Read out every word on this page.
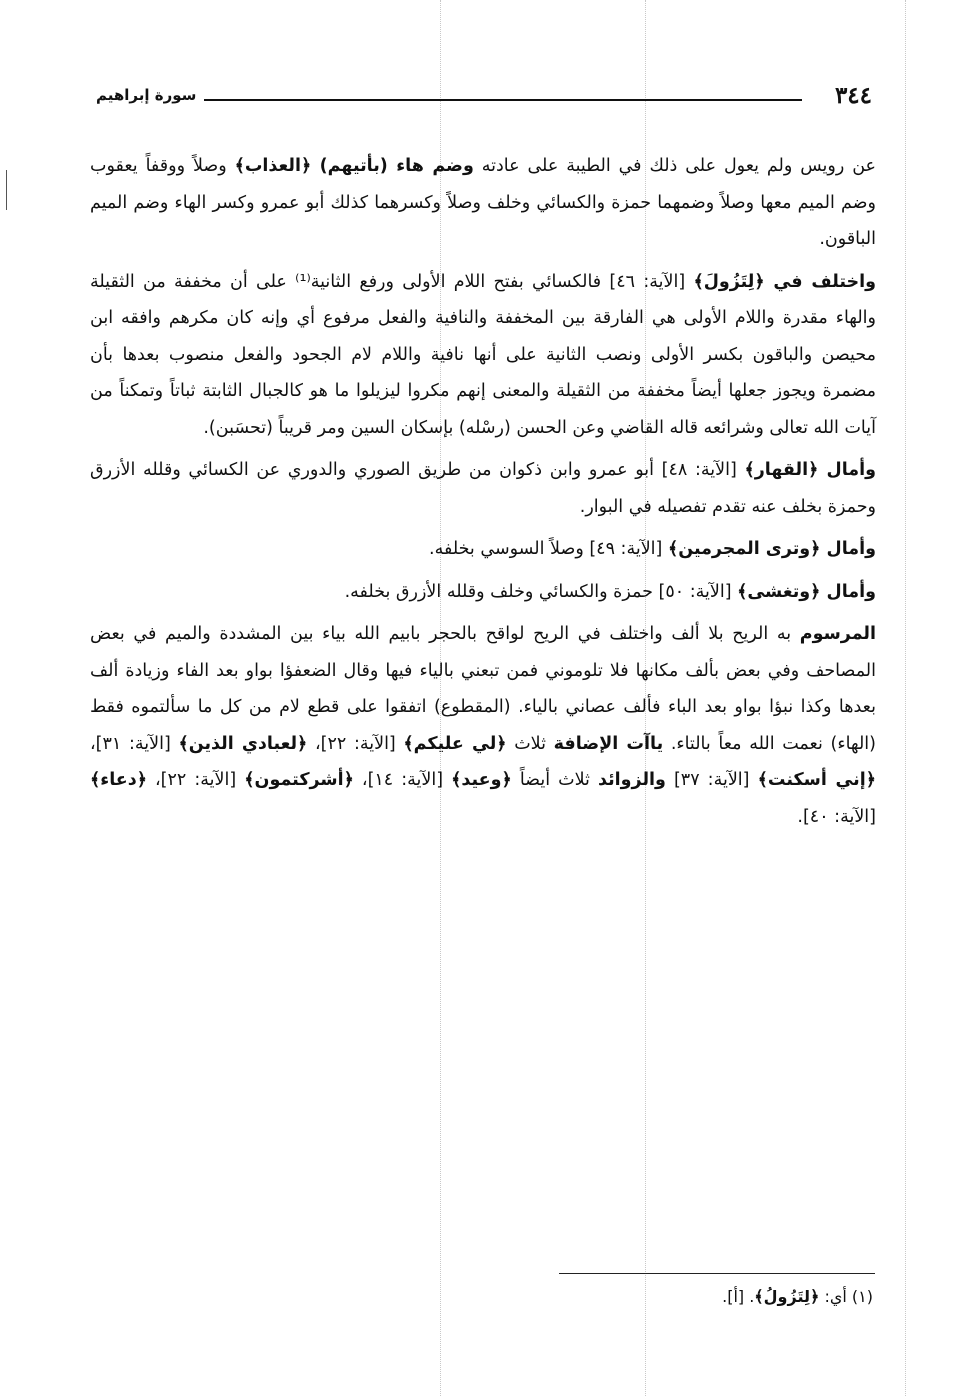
٣٤٤
سورة إبراهيم

عن رويس ولم يعول على ذلك في الطيبة على عادته وضم هاء (بأتيهم) ﴿العذاب﴾ وصلاً ووقفاً يعقوب وضم الميم معها وصلاً وضمهما حمزة والكسائي وخلف وصلاً وكسرهما كذلك أبو عمرو وكسر الهاء وضم الميم الباقون.

واختلف في ﴿لِتَزُولَ﴾ [الآية: ٤٦] فالكسائي بفتح اللام الأولى ورفع الثانية⁽¹⁾ على أن مخففة من الثقيلة والهاء مقدرة واللام الأولى هي الفارقة بين المخففة والنافية والفعل مرفوع أي وإنه كان مكرهم وافقه ابن محيصن والباقون بكسر الأولى ونصب الثانية على أنها نافية واللام لام الجحود والفعل منصوب بعدها بأن مضمرة ويجوز جعلها أيضاً مخففة من الثقيلة والمعنى إنهم مكروا ليزيلوا ما هو كالجبال الثابتة ثباتاً وتمكناً من آيات الله تعالى وشرائعه قاله القاضي وعن الحسن (رسْله) بإسكان السين ومر قريباً (تحسَبن).

وأمال ﴿القهار﴾ [الآية: ٤٨] أبو عمرو وابن ذكوان من طريق الصوري والدوري عن الكسائي وقلله الأزرق وحمزة بخلف عنه تقدم تفصيله في البوار.

وأمال ﴿وترى المجرمين﴾ [الآية: ٤٩] وصلاً السوسي بخلفه.

وأمال ﴿وتغشى﴾ [الآية: ٥٠] حمزة والكسائي وخلف وقلله الأزرق بخلفه.

المرسوم به الريح بلا ألف واختلف في الريح لواقح بالحجر بابيم الله بياء بين المشددة والميم في بعض المصاحف وفي بعض بألف مكانها فلا تلوموني فمن تبعني بالياء فيها وقال الضعفؤا بواو بعد الفاء وزيادة ألف بعدها وكذا نبؤا بواو بعد الباء فألف عصاني بالياء. (المقطوع) اتفقوا على قطع لام من كل ما سألتموه فقط (الهاء) نعمت الله معاً بالتاء. ياآت الإضافة ثلاث ﴿لي عليكم﴾ [الآية: ٢٢]، ﴿لعبادي الذين﴾ [الآية: ٣١]، ﴿إني أسكنت﴾ [الآية: ٣٧] والزوائد ثلاث أيضاً ﴿وعيد﴾ [الآية: ١٤]، ﴿أشركتمون﴾ [الآية: ٢٢]، ﴿دعاء﴾ [الآية: ٤٠].

(١) أي: ﴿لِتَزُولُ﴾. [أ].
